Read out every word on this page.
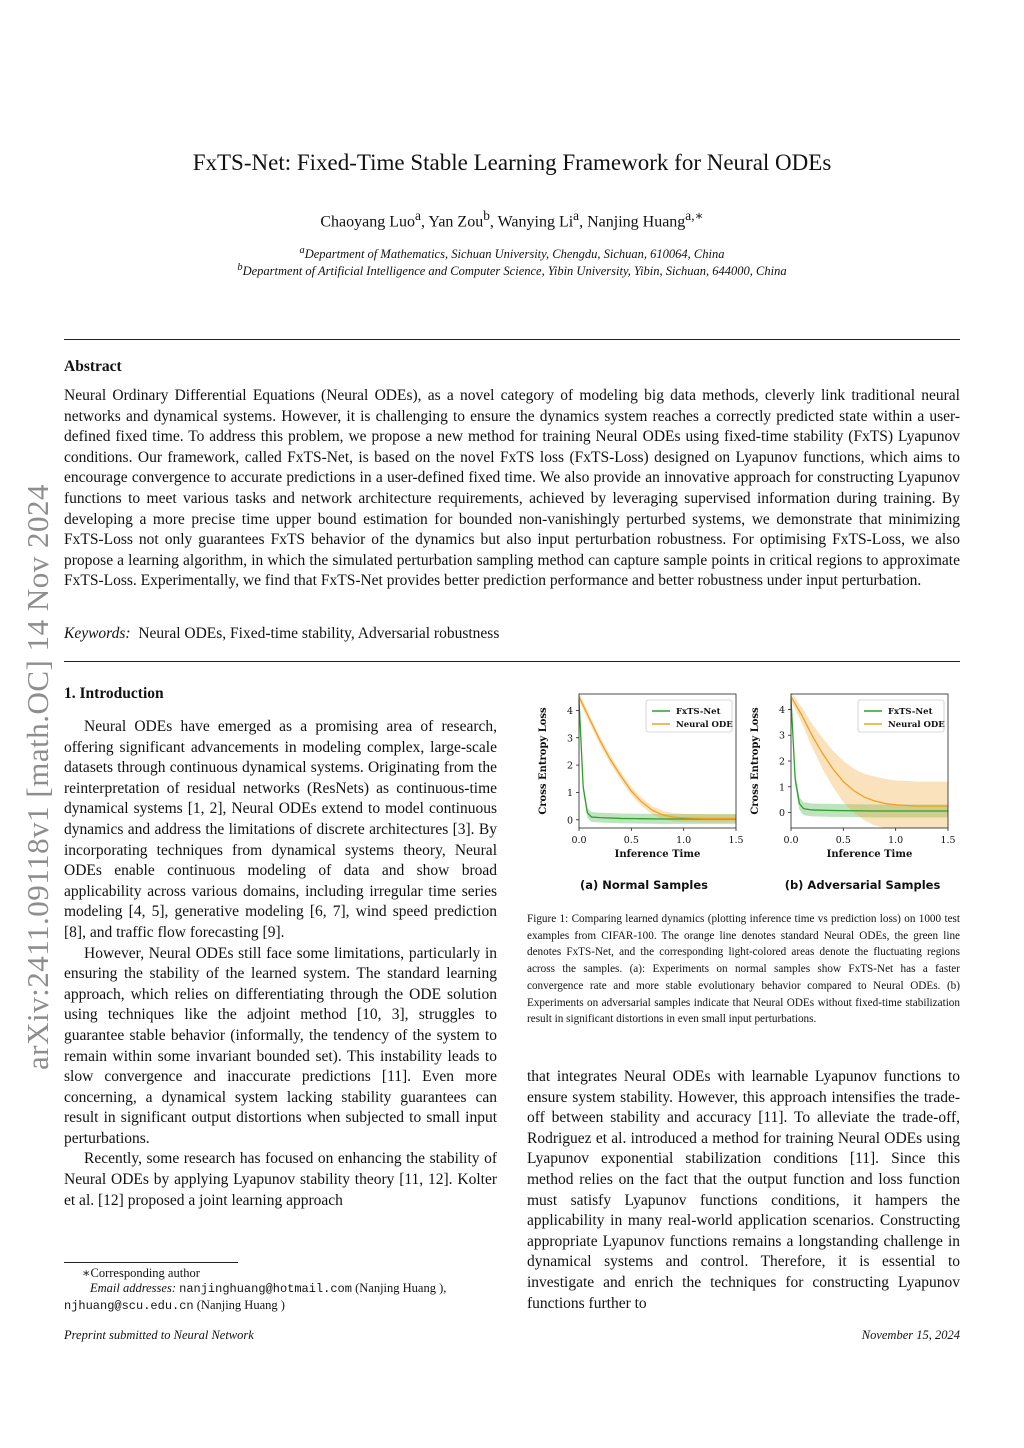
arXiv:2411.09118v1 [math.OC] 14 Nov 2024
FxTS-Net: Fixed-Time Stable Learning Framework for Neural ODEs
Chaoyang Luo$^a$, Yan Zou$^b$, Wanying Li$^a$, Nanjing Huang$^{a,∗}$
$^a$Department of Mathematics, Sichuan University, Chengdu, Sichuan, 610064, China
$^b$Department of Artificial Intelligence and Computer Science, Yibin University, Yibin, Sichuan, 644000, China
Abstract
Neural Ordinary Differential Equations (Neural ODEs), as a novel category of modeling big data methods, cleverly link traditional neural networks and dynamical systems. However, it is challenging to ensure the dynamics system reaches a correctly predicted state within a user-defined fixed time. To address this problem, we propose a new method for training Neural ODEs using fixed-time stability (FxTS) Lyapunov conditions. Our framework, called FxTS-Net, is based on the novel FxTS loss (FxTS-Loss) designed on Lyapunov functions, which aims to encourage convergence to accurate predictions in a user-defined fixed time. We also provide an innovative approach for constructing Lyapunov functions to meet various tasks and network architecture requirements, achieved by leveraging supervised information during training. By developing a more precise time upper bound estimation for bounded non-vanishingly perturbed systems, we demonstrate that minimizing FxTS-Loss not only guarantees FxTS behavior of the dynamics but also input perturbation robustness. For optimising FxTS-Loss, we also propose a learning algorithm, in which the simulated perturbation sampling method can capture sample points in critical regions to approximate FxTS-Loss. Experimentally, we find that FxTS-Net provides better prediction performance and better robustness under input perturbation.
Keywords: Neural ODEs, Fixed-time stability, Adversarial robustness
1. Introduction

Neural ODEs have emerged as a promising area of research, offering significant advancements in modeling complex, large-scale datasets through continuous dynamical systems. Originating from the reinterpretation of residual networks (ResNets) as continuous-time dynamical systems [1, 2], Neural ODEs extend to model continuous dynamics and address the limitations of discrete architectures [3]. By incorporating techniques from dynamical systems theory, Neural ODEs enable continuous modeling of data and show broad applicability across various domains, including irregular time series modeling [4, 5], generative modeling [6, 7], wind speed prediction [8], and traffic flow forecasting [9].

However, Neural ODEs still face some limitations, particularly in ensuring the stability of the learned system. The standard learning approach, which relies on differentiating through the ODE solution using techniques like the adjoint method [10, 3], struggles to guarantee stable behavior (informally, the tendency of the system to remain within some invariant bounded set). This instability leads to slow convergence and inaccurate predictions [11]. Even more concerning, a dynamical system lacking stability guarantees can result in significant output distortions when subjected to small input perturbations.

Recently, some research has focused on enhancing the stability of Neural ODEs by applying Lyapunov stability theory [11, 12]. Kolter et al. [12] proposed a joint learning approach

0
1
2
3
4
0.0	0.5	1.0	1.5
Inference Time
Cross Entropy Loss	FxTS-Net
Neural ODE
0
1
2
3
4
0.0	0.5	1.0	1.5
Inference Time
Cross Entropy Loss	FxTS-Net
Neural ODE
(a) Normal Samples	(b) Adversarial Samples
Figure 1: Comparing learned dynamics (plotting inference time vs prediction loss) on 1000 test examples from CIFAR-100. The orange line denotes standard Neural ODEs, the green line denotes FxTS-Net, and the corresponding light-colored areas denote the fluctuating regions across the samples. (a): Experiments on normal samples show FxTS-Net has a faster convergence rate and more stable evolutionary behavior compared to Neural ODEs. (b) Experiments on adversarial samples indicate that Neural ODEs without fixed-time stabilization result in significant distortions in even small input perturbations.

that integrates Neural ODEs with learnable Lyapunov functions to ensure system stability. However, this approach intensifies the trade-off between stability and accuracy [11]. To alleviate the trade-off, Rodriguez et al. introduced a method for training Neural ODEs using Lyapunov exponential stabilization conditions [11]. Since this method relies on the fact that the output function and loss function must satisfy Lyapunov functions conditions, it hampers the applicability in many real-world application scenarios. Constructing appropriate Lyapunov functions remains a longstanding challenge in dynamical systems and control. Therefore, it is essential to investigate and enrich the techniques for constructing Lyapunov functions further to

∗Corresponding author
Email addresses: nanjinghuang@hotmail.com (Nanjing Huang ),
njhuang@scu.edu.cn (Nanjing Huang )
Preprint submitted to Neural Network	November 15, 2024
